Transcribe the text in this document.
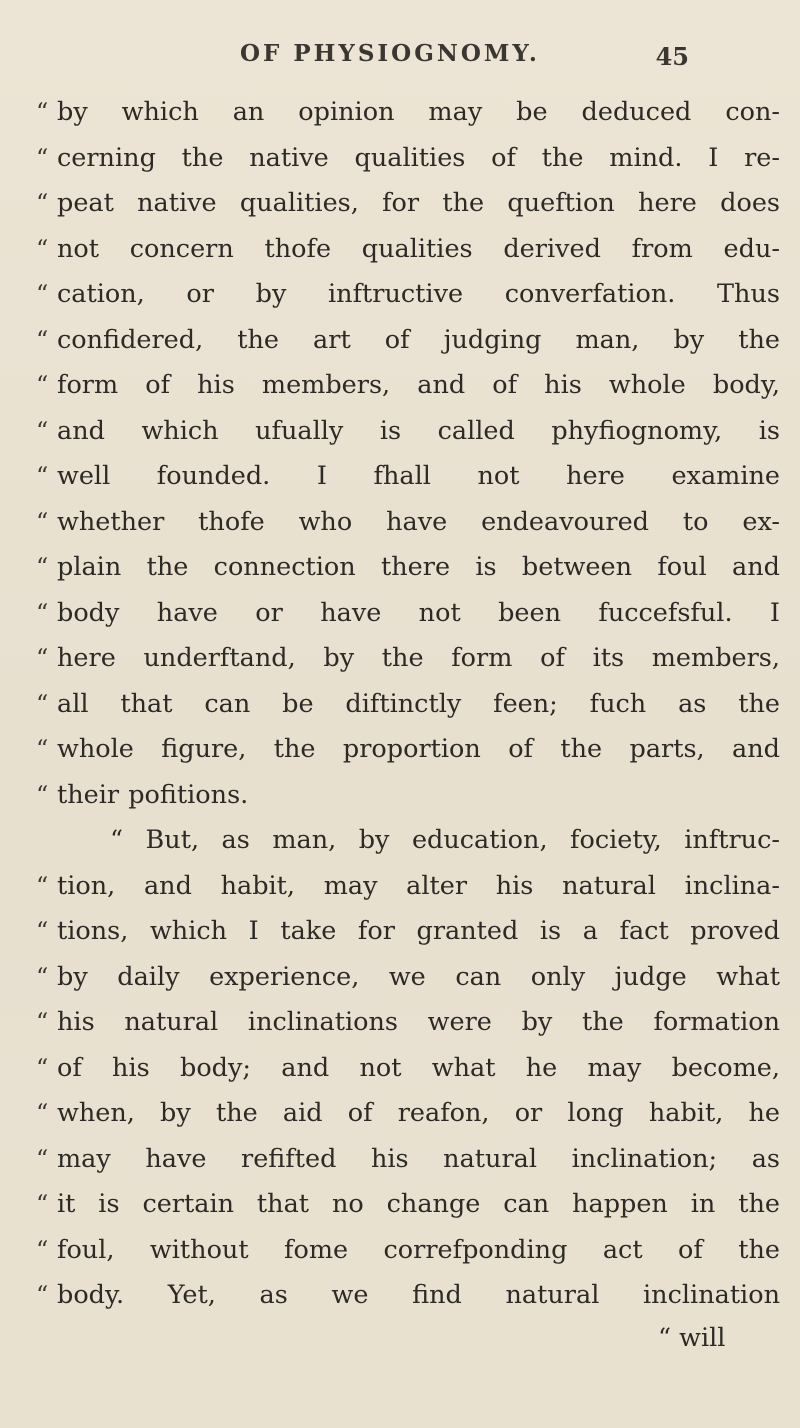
OF PHYSIOGNOMY.	45
“ by which an opinion may be deduced con-
“ cerning the native qualities of the mind. I re-
“ peat native qualities, for the queftion here does
“ not concern thofe qualities derived from edu-
“ cation, or by inftructive converfation. Thus
“ confidered, the art of judging man, by the
“ form of his members, and of his whole body,
“ and which ufually is called phyfiognomy, is
“ well founded. I fhall not here examine
“ whether thofe who have endeavoured to ex-
“ plain the connection there is between foul and
“ body have or have not been fuccefsful. I
“ here underftand, by the form of its members,
“ all that can be diftinctly feen; fuch as the
“ whole figure, the proportion of the parts, and
“ their pofitions.
“ But, as man, by education, fociety, inftruc-
“ tion, and habit, may alter his natural inclina-
“ tions, which I take for granted is a fact proved
“ by daily experience, we can only judge what
“ his natural inclinations were by the formation
“ of his body; and not what he may become,
“ when, by the aid of reafon, or long habit, he
“ may have refifted his natural inclination; as
“ it is certain that no change can happen in the
“ foul, without fome correfponding act of the
“ body. Yet, as we find natural inclination
“ will
